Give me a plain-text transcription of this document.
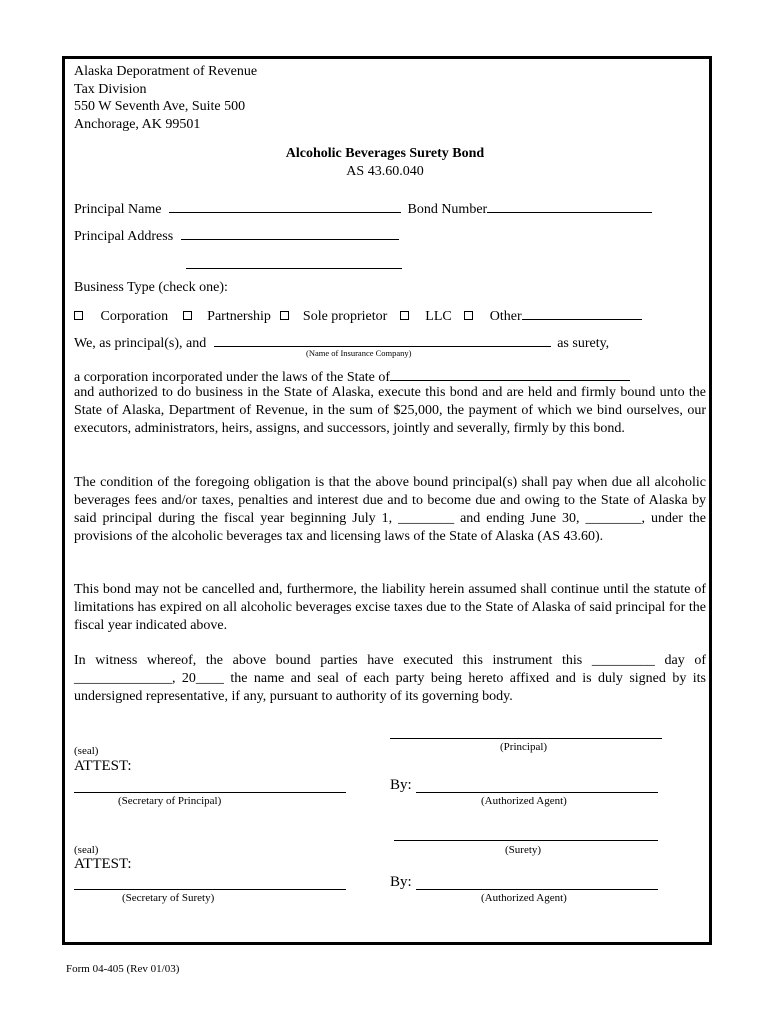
Alaska Deporatment of Revenue
Tax Division
550 W Seventh Ave, Suite 500
Anchorage, AK 99501
Alcoholic Beverages Surety Bond
AS 43.60.040
Principal Name	Bond Number
Principal Address
Business Type (check one):
Corporation	Partnership Sole proprietor	LLC	Other
We, as principal(s), and	as surety,
(Name of Insurance Company)
a corporation incorporated under the laws of the State of
and authorized to do business in the State of Alaska, execute this bond and are held and firmly bound unto the State of Alaska, Department of Revenue, in the sum of $25,000, the payment of which we bind ourselves, our executors, administrators, heirs, assigns, and successors, jointly and severally, firmly by this bond.
The condition of the foregoing obligation is that the above bound principal(s) shall pay when due all alcoholic beverages fees and/or taxes, penalties and interest due and to become due and owing to the State of Alaska by said principal during the fiscal year beginning July 1, ________ and ending June 30, ________, under the provisions of the alcoholic beverages tax and licensing laws of the State of Alaska (AS 43.60).
This bond may not be cancelled and, furthermore, the liability herein assumed shall continue until the statute of limitations has expired on all alcoholic beverages excise taxes due to the State of Alaska of said principal for the fiscal year indicated above.
In witness whereof, the above bound parties have executed this instrument this _________ day of ______________, 20____ the name and seal of each party being hereto affixed and is duly signed by its undersigned representative, if any, pursuant to authority of its governing body.
(Principal)
(seal)
ATTEST:
(Secretary of Principal)
By:
(Authorized Agent)
(Surety)
(seal)
ATTEST:
(Secretary of Surety)
By:
(Authorized Agent)
Form 04-405 (Rev 01/03)
